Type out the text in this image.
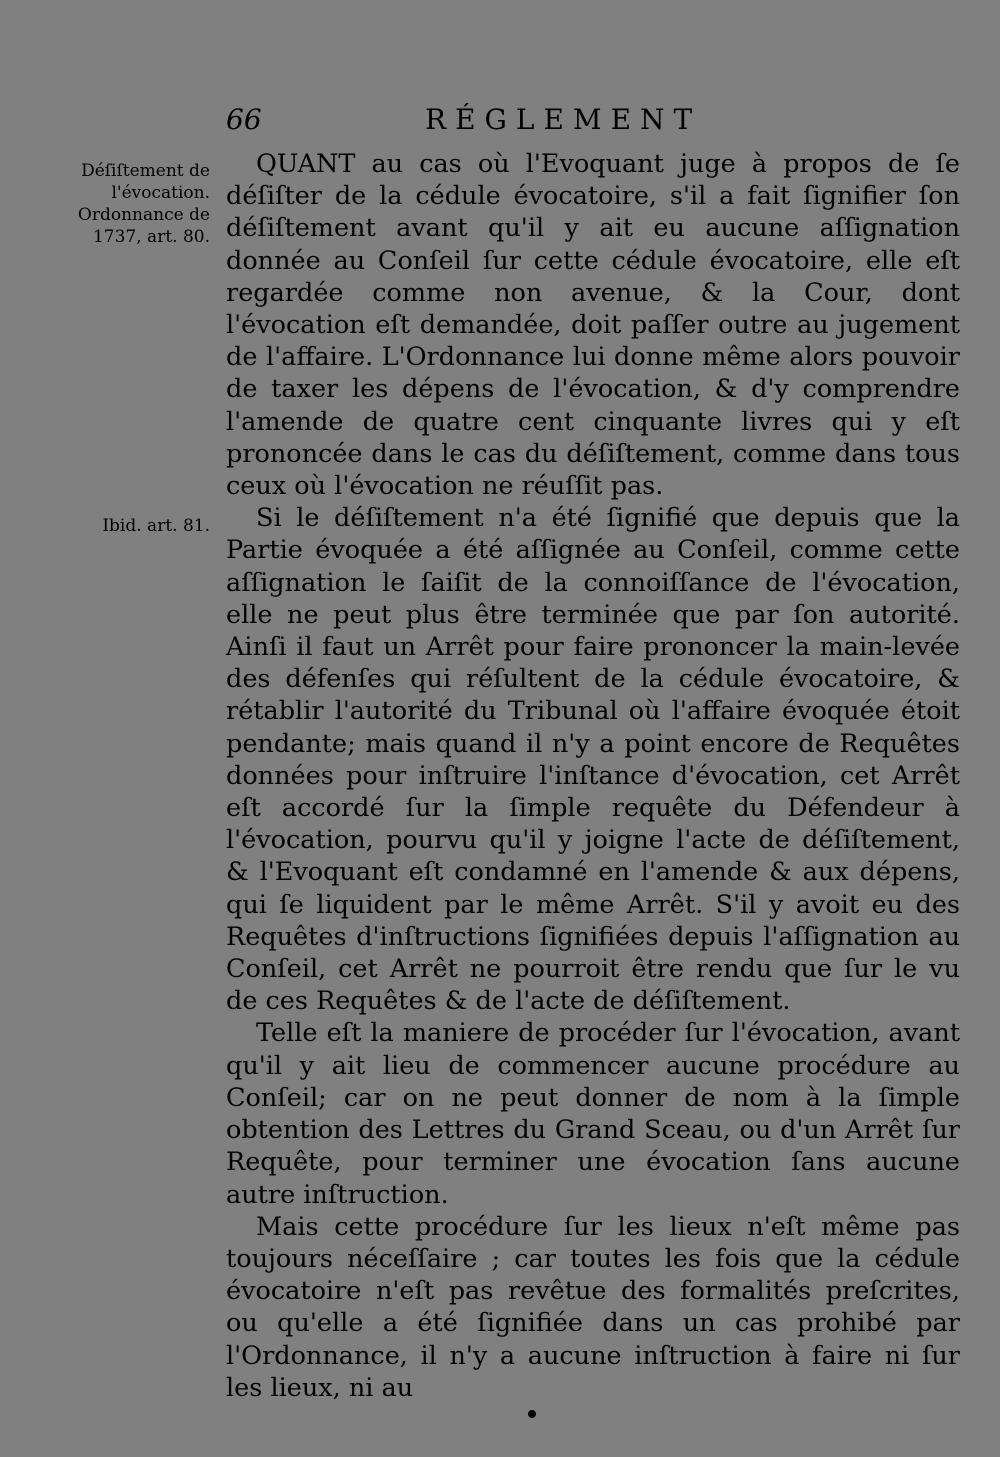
66	RÉGLEMENT
Déſiſtement de l'évocation. Ordonnance de 1737, art. 80.
Ibid. art. 81.

QUANT au cas où l'Evoquant juge à propos de ſe déſiſter de la cédule évocatoire, s'il a fait ſignifier ſon déſiſtement avant qu'il y ait eu aucune aſſignation donnée au Conſeil ſur cette cédule évocatoire, elle eſt regardée comme non avenue, & la Cour, dont l'évocation eſt demandée, doit paſſer outre au jugement de l'affaire. L'Ordonnance lui donne même alors pouvoir de taxer les dépens de l'évocation, & d'y comprendre l'amende de quatre cent cinquante livres qui y eſt prononcée dans le cas du déſiſtement, comme dans tous ceux où l'évocation ne réuſſit pas.

Si le déſiſtement n'a été ſignifié que depuis que la Partie évoquée a été aſſignée au Conſeil, comme cette aſſignation le ſaiſit de la connoiſſance de l'évocation, elle ne peut plus être terminée que par ſon autorité. Ainſi il faut un Arrêt pour faire prononcer la main-levée des défenſes qui réſultent de la cédule évocatoire, & rétablir l'autorité du Tribunal où l'affaire évoquée étoit pendante; mais quand il n'y a point encore de Requêtes données pour inſtruire l'inſtance d'évocation, cet Arrêt eſt accordé ſur la ſimple requête du Défendeur à l'évocation, pourvu qu'il y joigne l'acte de déſiſtement, & l'Evoquant eſt condamné en l'amende & aux dépens, qui ſe liquident par le même Arrêt. S'il y avoit eu des Requêtes d'inſtructions ſignifiées depuis l'aſſignation au Conſeil, cet Arrêt ne pourroit être rendu que ſur le vu de ces Requêtes & de l'acte de déſiſtement.

Telle eſt la maniere de procéder ſur l'évocation, avant qu'il y ait lieu de commencer aucune procédure au Conſeil; car on ne peut donner de nom à la ſimple obtention des Lettres du Grand Sceau, ou d'un Arrêt ſur Requête, pour terminer une évocation ſans aucune autre inſtruction.

Mais cette procédure ſur les lieux n'eſt même pas toujours néceſſaire ; car toutes les fois que la cédule évocatoire n'eſt pas revêtue des formalités preſcrites, ou qu'elle a été ſignifiée dans un cas prohibé par l'Ordonnance, il n'y a aucune inſtruction à faire ni ſur les lieux, ni au
